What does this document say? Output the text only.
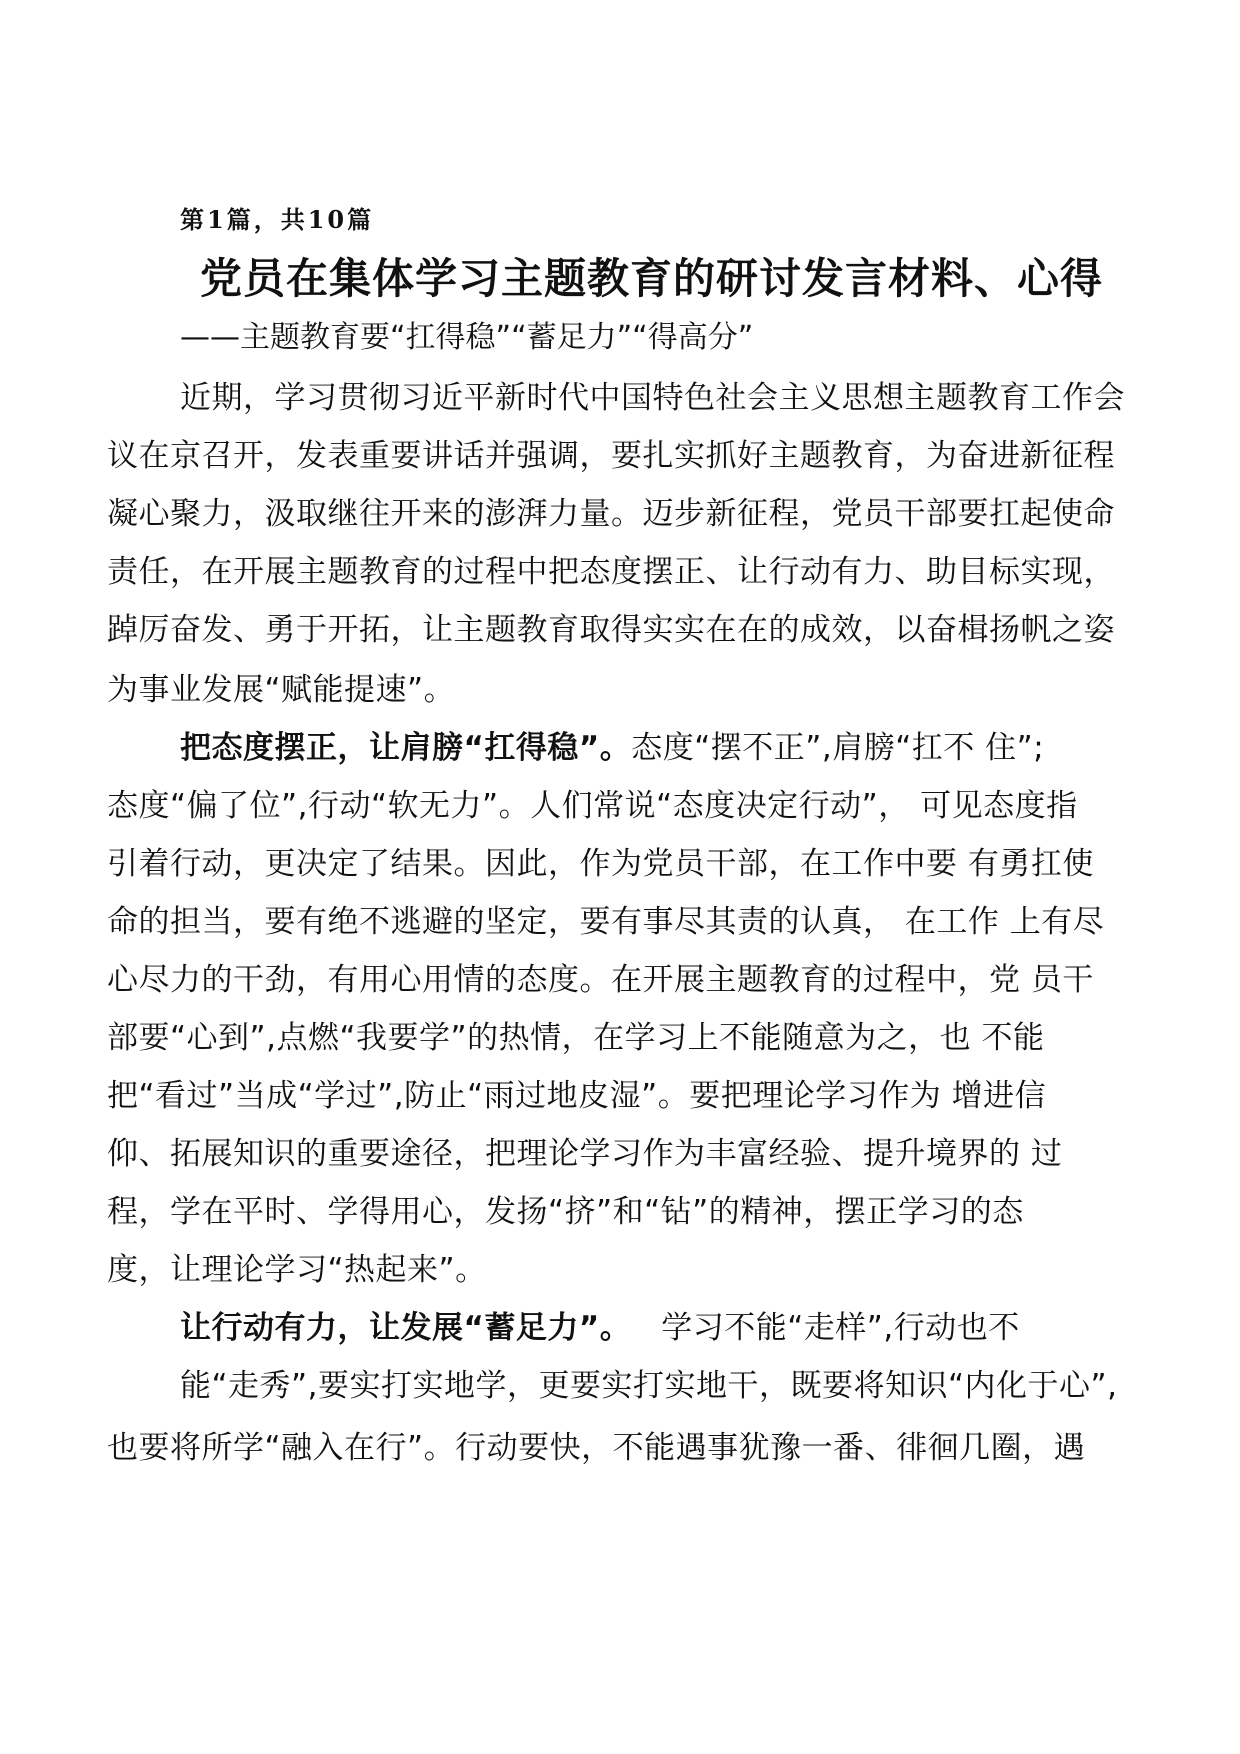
第1篇，共10篇
党员在集体学习主题教育的研讨发言材料、心得
——主题教育要“扛得稳”“蓄足力”“得高分”
近期，学习贯彻习近平新时代中国特色社会主义思想主题教育工作会
议在京召开，发表重要讲话并强调，要扎实抓好主题教育，为奋进新征程
凝心聚力，汲取继往开来的澎湃力量。迈步新征程，党员干部要扛起使命
责任，在开展主题教育的过程中把态度摆正、让行动有力、助目标实现，
踔厉奋发、勇于开拓，让主题教育取得实实在在的成效，以奋楫扬帆之姿
为事业发展“赋能提速”。
把态度摆正，让肩膀“扛得稳”。态度“摆不正”,肩膀“扛不 住”;
态度“偏了位”,行动“软无力”。人们常说“态度决定行动”， 可见态度指
引着行动，更决定了结果。因此，作为党员干部，在工作中要 有勇扛使
命的担当，要有绝不逃避的坚定，要有事尽其责的认真， 在工作 上有尽
心尽力的干劲，有用心用情的态度。在开展主题教育的过程中，党 员干
部要“心到”,点燃“我要学”的热情，在学习上不能随意为之，也 不能
把“看过”当成“学过”,防止“雨过地皮湿”。要把理论学习作为 增进信
仰、拓展知识的重要途径，把理论学习作为丰富经验、提升境界的 过
程，学在平时、学得用心，发扬“挤”和“钻”的精神，摆正学习的态
度，让理论学习“热起来”。
让行动有力，让发展“蓄足力”。 学习不能“走样”,行动也不
能“走秀”,要实打实地学，更要实打实地干，既要将知识“内化于心”,
也要将所学“融入在行”。行动要快，不能遇事犹豫一番、徘徊几圈，遇
